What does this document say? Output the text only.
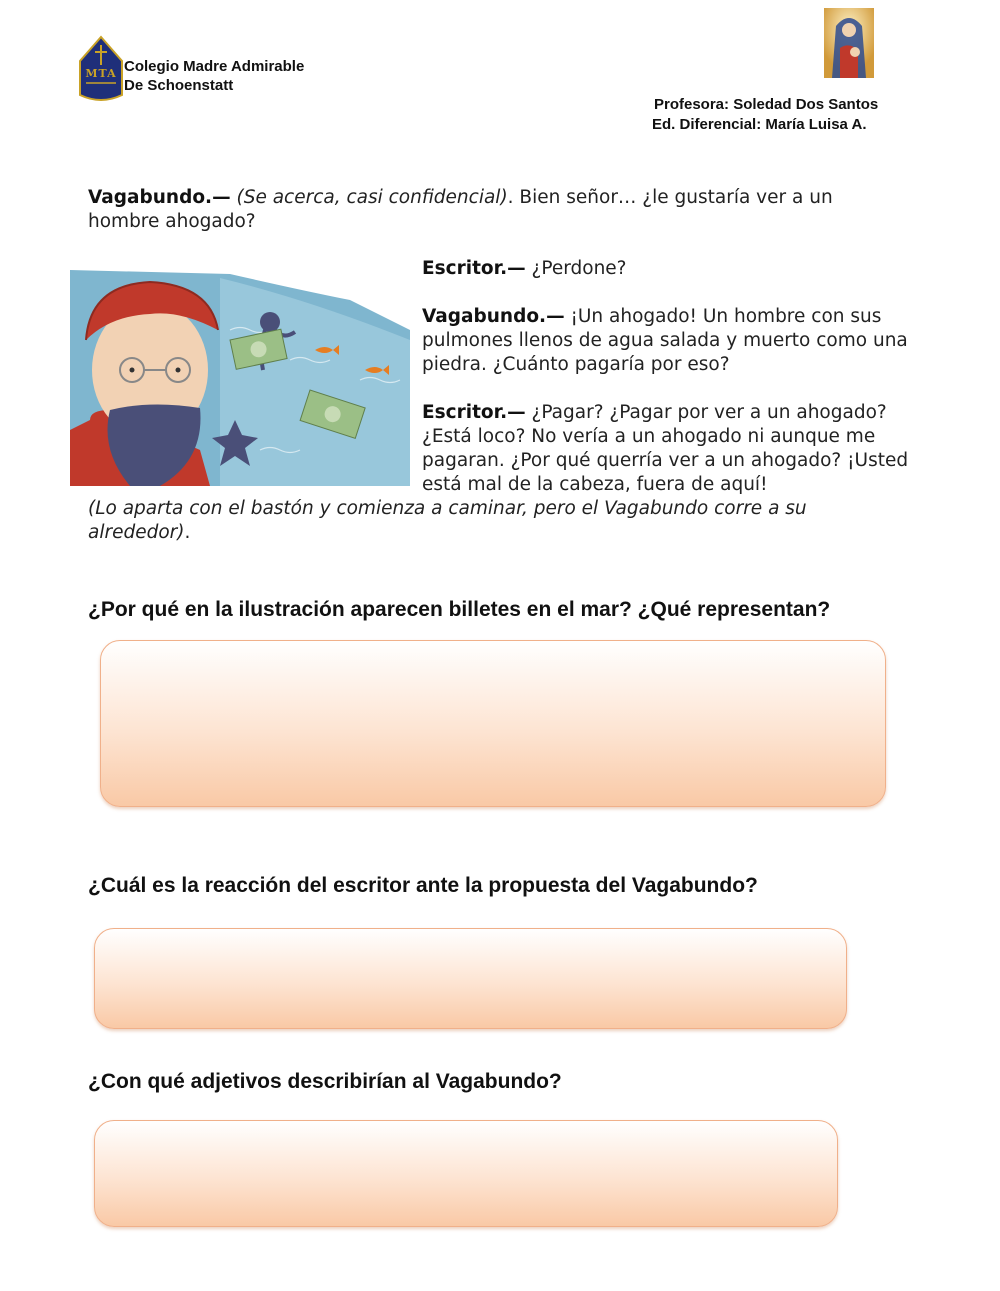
MTA Colegio Madre Admirable
De Schoenstatt
Profesora: Soledad Dos Santos
Ed. Diferencial: María Luisa A.
Vagabundo.— (Se acerca, casi confidencial). Bien señor… ¿le gustaría ver a un hombre ahogado?
Escritor.— ¿Perdone?
Vagabundo.— ¡Un ahogado! Un hombre con sus pulmones llenos de agua salada y muerto como una piedra. ¿Cuánto pagaría por eso?
Escritor.— ¿Pagar? ¿Pagar por ver a un ahogado? ¿Está loco? No vería a un ahogado ni aunque me pagaran. ¿Por qué querría ver a un ahogado? ¡Usted está mal de la cabeza, fuera de aquí!
(Lo aparta con el bastón y comienza a caminar, pero el Vagabundo corre a su alrededor).
¿Por qué en la ilustración aparecen billetes en el mar? ¿Qué representan?
¿Cuál es la reacción del escritor ante la propuesta del Vagabundo?
¿Con qué adjetivos describirían al Vagabundo?
